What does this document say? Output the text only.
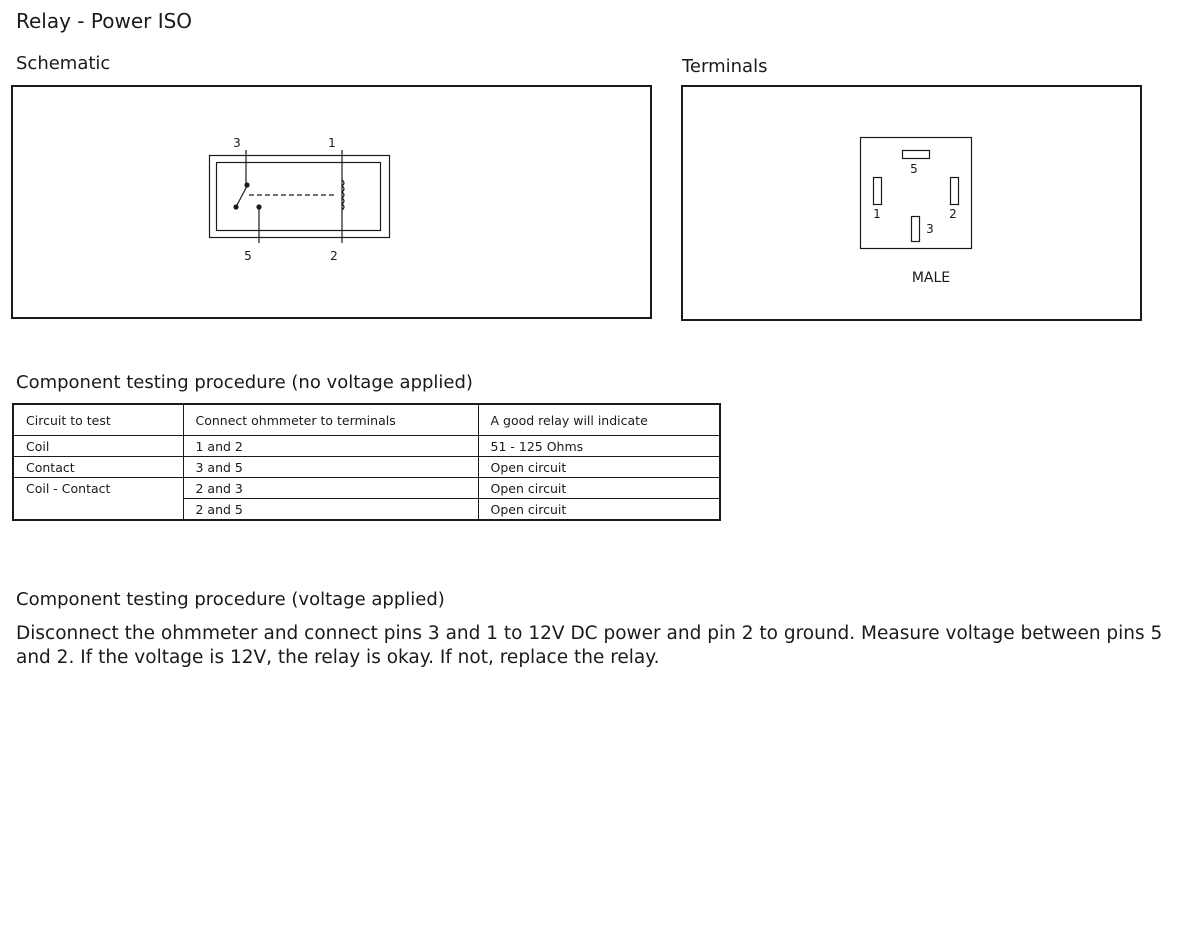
Relay - Power ISO
Schematic
3	1
5	2
Terminals
5
1	2
3
MALE
Component testing procedure (no voltage applied)
Circuit to test	Connect ohmmeter to terminals	A good relay will indicate
Coil	1 and 2	51 - 125 Ohms
Contact	3 and 5	Open circuit
Coil - Contact	2 and 3	Open circuit
	2 and 5	Open circuit
Component testing procedure (voltage applied)
Disconnect the ohmmeter and connect pins 3 and 1 to 12V DC power and pin 2 to ground. Measure voltage between pins 5 and 2. If the voltage is 12V, the relay is okay. If not, replace the relay.
